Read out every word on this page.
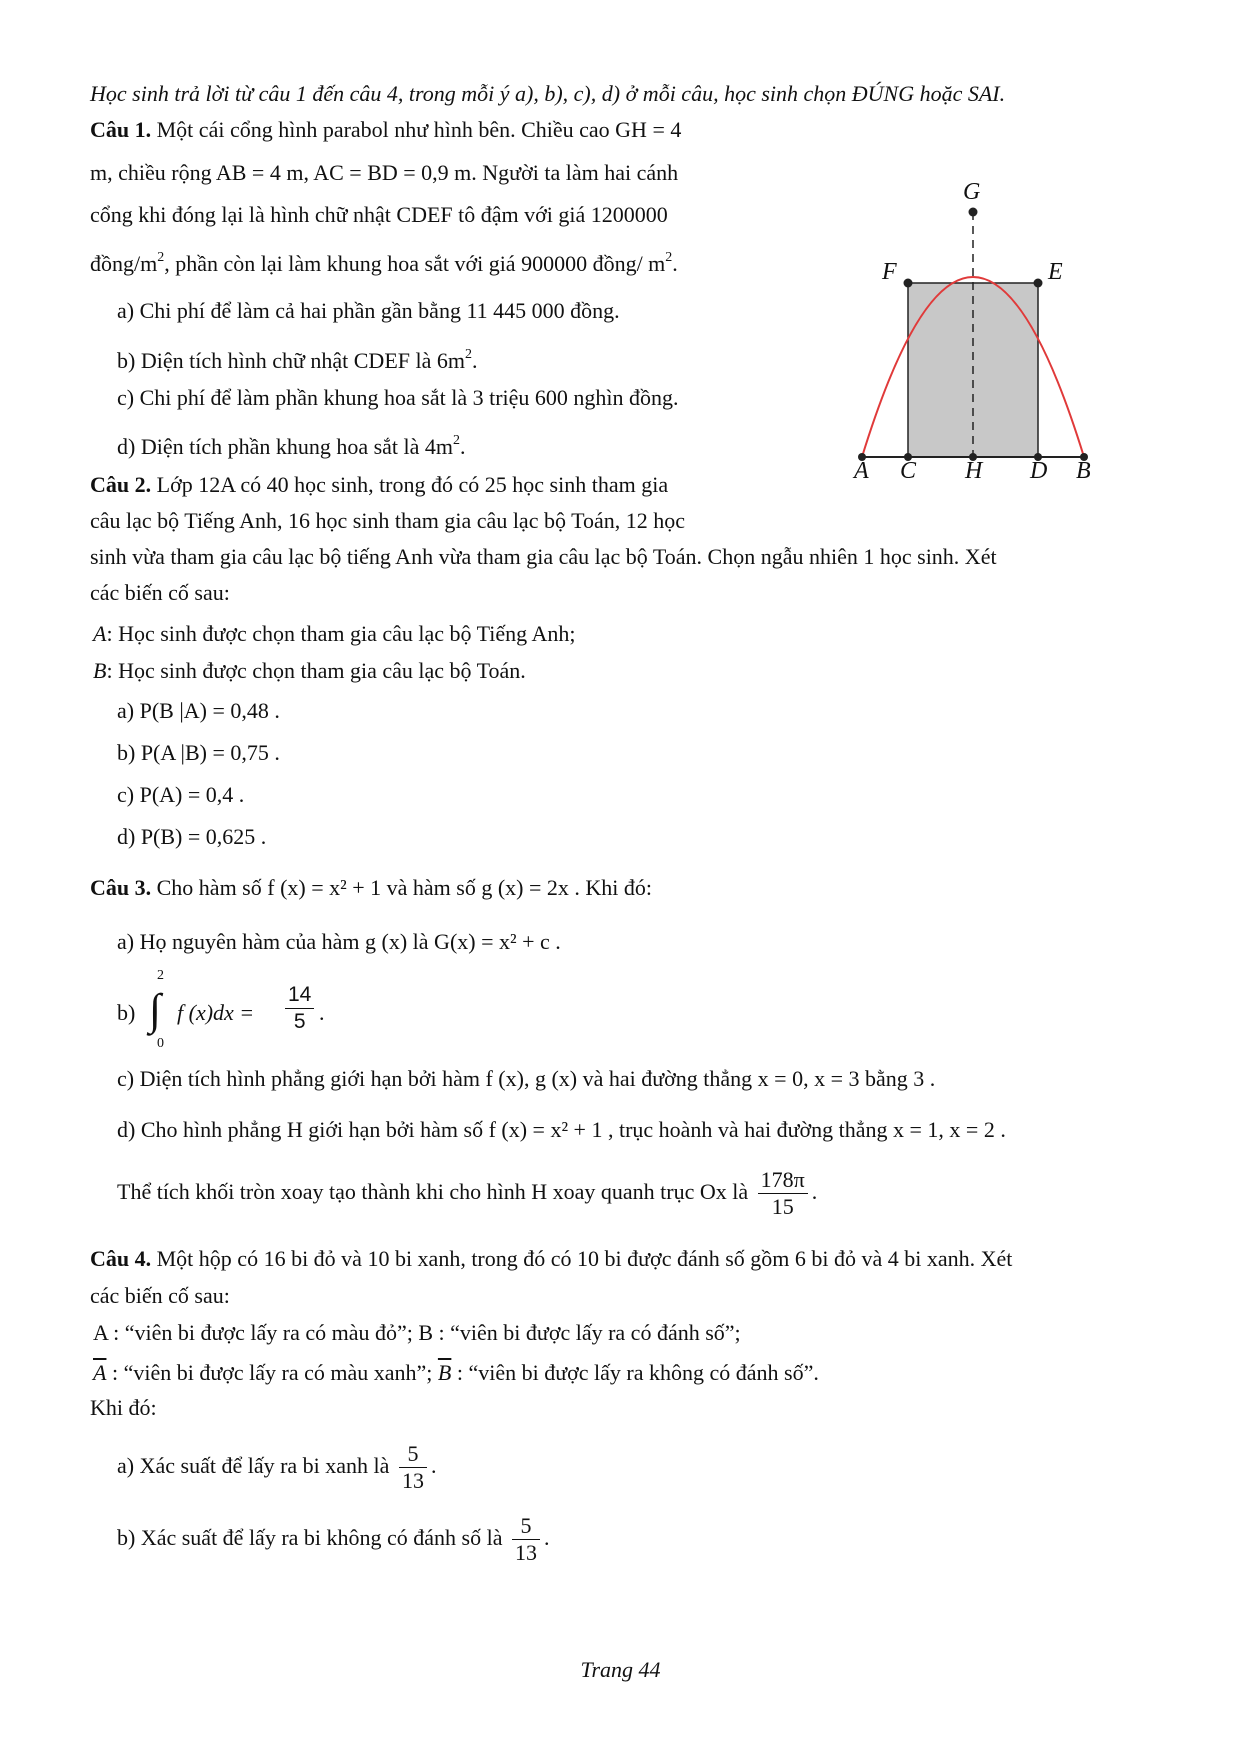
Học sinh trả lời từ câu 1 đến câu 4, trong mỗi ý a), b), c), d) ở mỗi câu, học sinh chọn ĐÚNG hoặc SAI.
Câu 1. Một cái cổng hình parabol như hình bên. Chiều cao GH = 4
m, chiều rộng AB = 4 m, AC = BD = 0,9 m. Người ta làm hai cánh
cổng khi đóng lại là hình chữ nhật CDEF tô đậm với giá 1200000
đồng/$m^2$, phần còn lại làm khung hoa sắt với giá 900000 đồng/ $m^2$.
a) Chi phí để làm cả hai phần gần bằng 11 445 000 đồng.
b) Diện tích hình chữ nhật CDEF là $6m^2$.
c) Chi phí để làm phần khung hoa sắt là 3 triệu 600 nghìn đồng.
d) Diện tích phần khung hoa sắt là $4m^2$.
G
F	E
A C H D B
Câu 2. Lớp 12A có 40 học sinh, trong đó có 25 học sinh tham gia
câu lạc bộ Tiếng Anh, 16 học sinh tham gia câu lạc bộ Toán, 12 học
sinh vừa tham gia câu lạc bộ tiếng Anh vừa tham gia câu lạc bộ Toán. Chọn ngẫu nhiên 1 học sinh. Xét
các biến cố sau:
A: Học sinh được chọn tham gia câu lạc bộ Tiếng Anh;
B: Học sinh được chọn tham gia câu lạc bộ Toán.
a) P(B |A) = 0,48 .
b) P(A |B) = 0,75 .
c) P(A) = 0,4 .
d) P(B) = 0,625 .
Câu 3. Cho hàm số f (x) = x² + 1 và hàm số g (x) = 2x . Khi đó:
a) Họ nguyên hàm của hàm g (x) là G(x) = x² + c .
b)
2
∫
0
f $(x)dx = \frac{14}{5}$ .
c) Diện tích hình phẳng giới hạn bởi hàm f (x), g (x) và hai đường thẳng x = 0, x = 3 bằng 3 .
d) Cho hình phẳng H giới hạn bởi hàm số f (x) = x² + 1 , trục hoành và hai đường thẳng x = 1, x = 2 .
Thể tích khối tròn xoay tạo thành khi cho hình H xoay quanh trục Ox là $\frac{178\pi}{15}$ .
Câu 4. Một hộp có 16 bi đỏ và 10 bi xanh, trong đó có 10 bi được đánh số gồm 6 bi đỏ và 4 bi xanh. Xét
các biến cố sau:
A : “viên bi được lấy ra có màu đỏ”; B : “viên bi được lấy ra có đánh số”;
$\overline{A}$ : “viên bi được lấy ra có màu xanh”; $\overline{B}$ : “viên bi được lấy ra không có đánh số”.
Khi đó:
a) Xác suất để lấy ra bi xanh là $\frac{5}{13}$ .
b) Xác suất để lấy ra bi không có đánh số là $\frac{5}{13}$ .
Trang 44
